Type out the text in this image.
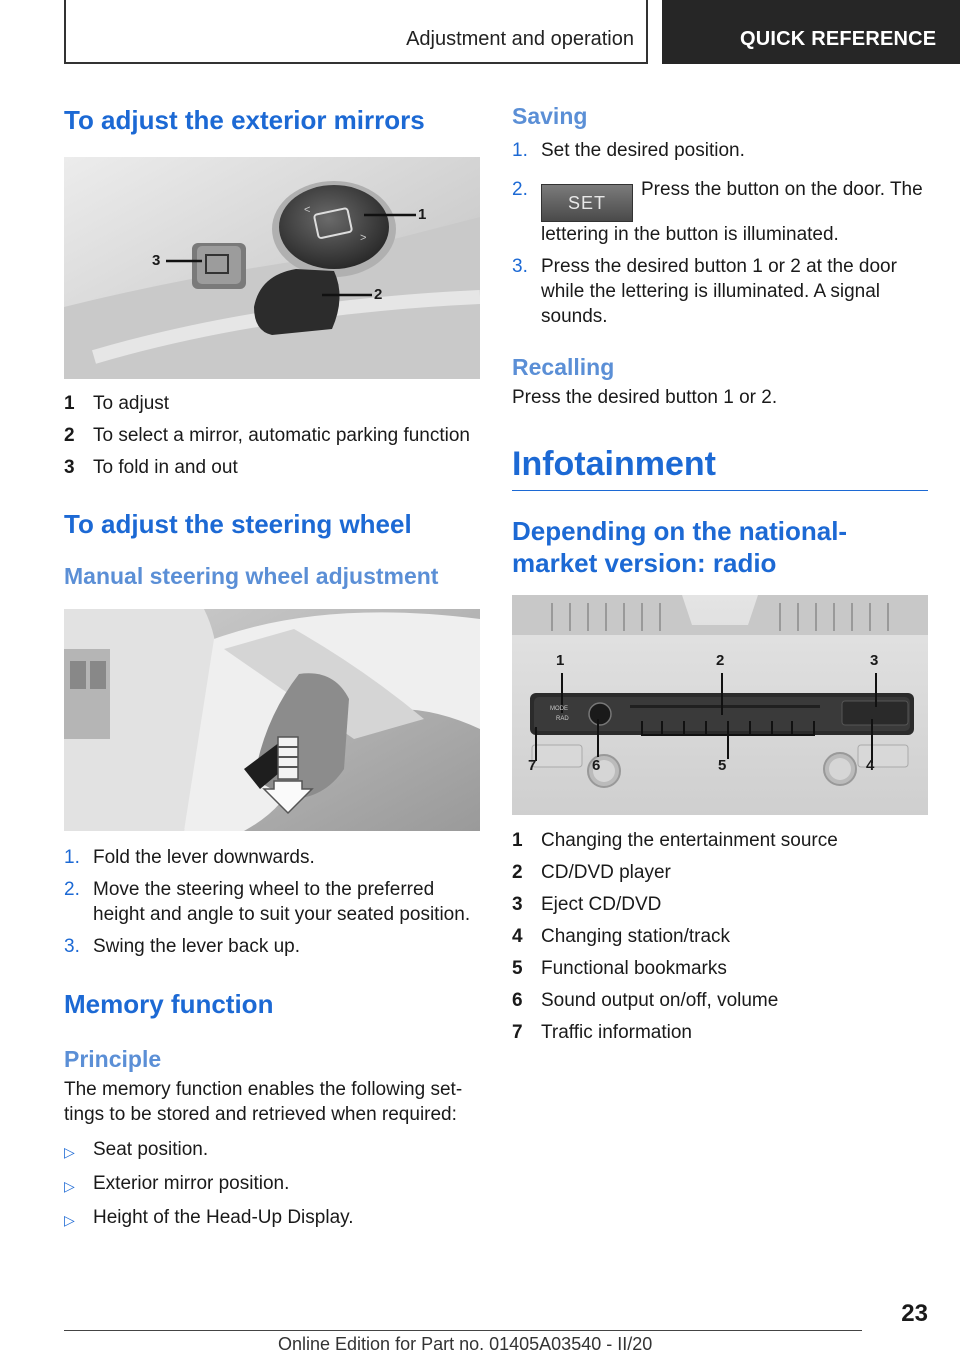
Adjustment and operation	QUICK REFERENCE
To adjust the exterior mirrors
<
>
1
2
3
1 To adjust
2 To select a mirror, automatic parking function
3 To fold in and out
To adjust the steering wheel
Manual steering wheel adjustment
1. Fold the lever downwards.
2. Move the steering wheel to the preferred height and angle to suit your seated position.
3. Swing the lever back up.
Memory function
Principle

The memory function enables the following settings to be stored and retrieved when required:

▷ Seat position.
▷ Exterior mirror position.
▷ Height of the Head-Up Display.
Saving
1. Set the desired position.
2.
SETPress the button on the door. The lettering in the button is illuminated.
3. Press the desired button 1 or 2 at the door while the lettering is illuminated. A signal sounds.
Recalling

Press the desired button 1 or 2.

Infotainment
Depending on the national-market version: radio
MODE
RAD
1	2	3
4
5
6
7
1 Changing the entertainment source
2 CD/DVD player
3 Eject CD/DVD
4 Changing station/track
5 Functional bookmarks
6 Sound output on/off, volume
7 Traffic information
23
Online Edition for Part no. 01405A03540 - II/20
